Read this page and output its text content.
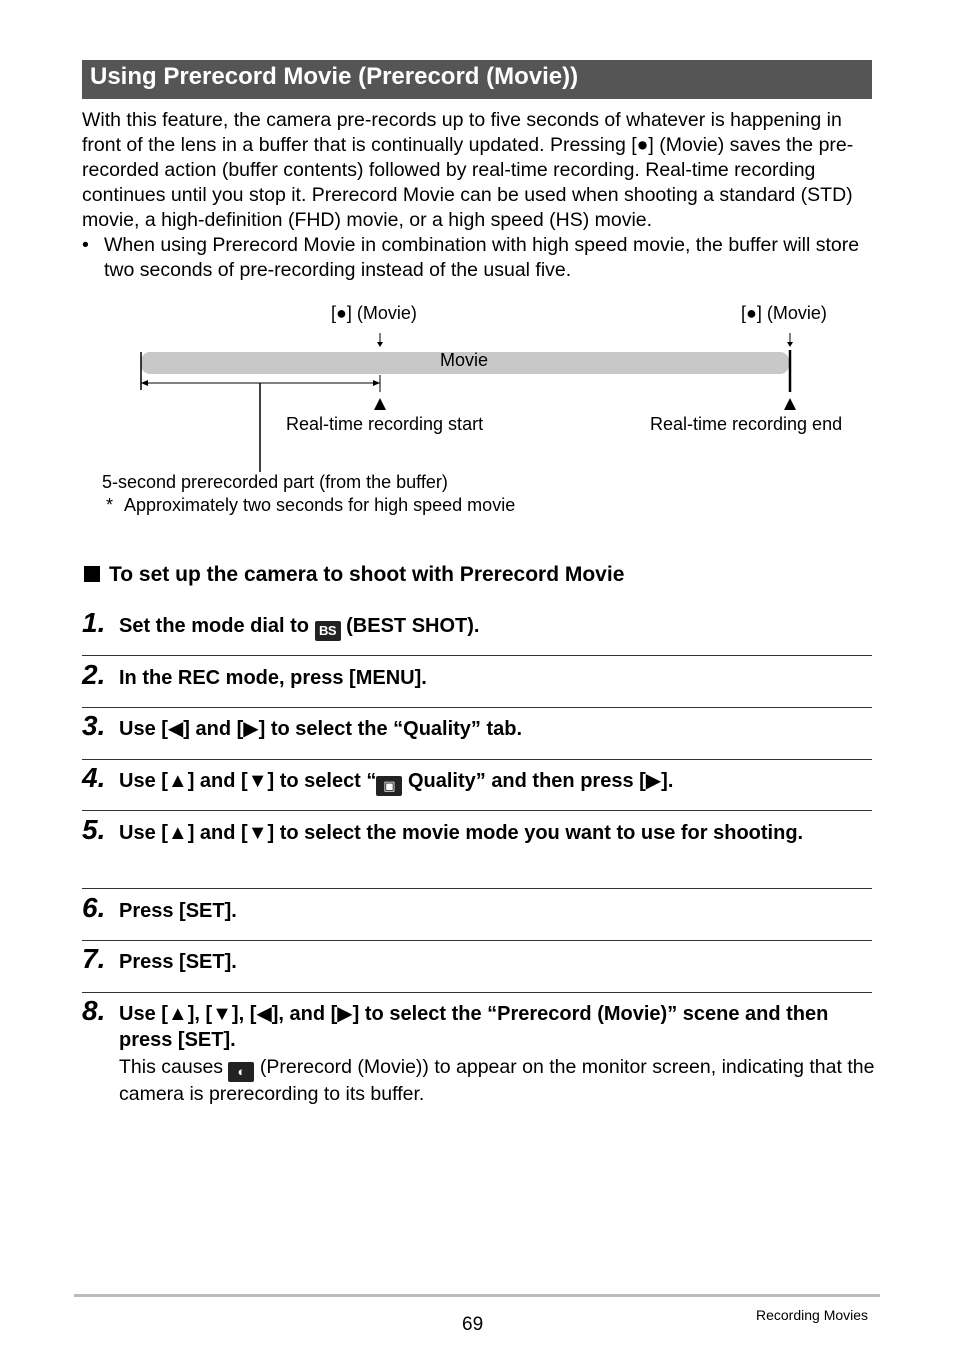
Using Prerecord Movie (Prerecord (Movie))

With this feature, the camera pre-records up to five seconds of whatever is happening in front of the lens in a buffer that is continually updated. Pressing [●] (Movie) saves the pre-recorded action (buffer contents) followed by real-time recording. Real-time recording continues until you stop it. Prerecord Movie can be used when shooting a standard (STD) movie, a high-definition (FHD) movie, or a high speed (HS) movie.

• When using Prerecord Movie in combination with high speed movie, the buffer will store two seconds of pre-recording instead of the usual five.
[●] (Movie)	[●] (Movie)
Movie
Real-time recording start	Real-time recording end
5-second prerecorded part (from the buffer)
* Approximately two seconds for high speed movie
To set up the camera to shoot with Prerecord Movie
1. Set the mode dial to BS (BEST SHOT).
2. In the REC mode, press [MENU].
3. Use [◀] and [▶] to select the “Quality” tab.
4. Use [▲] and [▼] to select “ ▣ Quality” and then press [▶].
5. Use [▲] and [▼] to select the movie mode you want to use for shooting.
6. Press [SET].
7. Press [SET].
8. Use [▲], [▼], [◀], and [▶] to select the “Prerecord (Movie)” scene and then press [SET].
This causes ◐ (Prerecord (Movie)) to appear on the monitor screen, indicating that the camera is prerecording to its buffer.
69	Recording Movies
